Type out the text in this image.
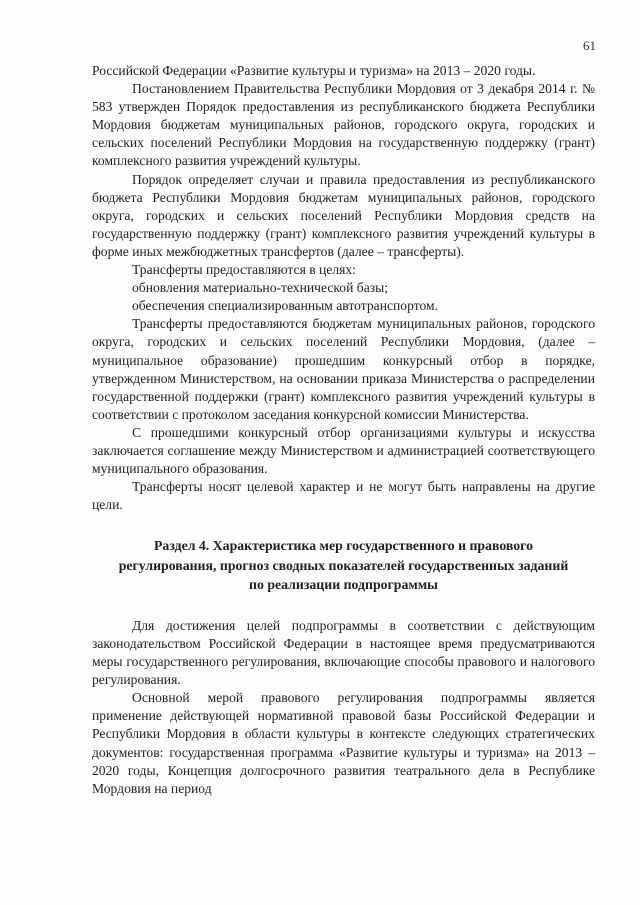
61

Российской Федерации «Развитие культуры и туризма» на 2013 – 2020 годы.

Постановлением Правительства Республики Мордовия от 3 декабря 2014 г. № 583 утвержден Порядок предоставления из республиканского бюджета Республики Мордовия бюджетам муниципальных районов, городского округа, городских и сельских поселений Республики Мордовия на государственную поддержку (грант) комплексного развития учреждений культуры.

Порядок определяет случаи и правила предоставления из республиканского бюджета Республики Мордовия бюджетам муниципальных районов, городского округа, городских и сельских поселений Республики Мордовия средств на государственную поддержку (грант) комплексного развития учреждений культуры в форме иных межбюджетных трансфертов (далее – трансферты).

Трансферты предоставляются в целях:

обновления материально-технической базы;

обеспечения специализированным автотранспортом.

Трансферты предоставляются бюджетам муниципальных районов, городского округа, городских и сельских поселений Республики Мордовия, (далее – муниципальное образование) прошедшим конкурсный отбор в порядке, утвержденном Министерством, на основании приказа Министерства о распределении государственной поддержки (грант) комплексного развития учреждений культуры в соответствии с протоколом заседания конкурсной комиссии Министерства.

С прошедшими конкурсный отбор организациями культуры и искусства заключается соглашение между Министерством и администрацией соответствующего муниципального образования.

Трансферты носят целевой характер и не могут быть направлены на другие цели.

Раздел 4. Характеристика мер государственного и правового
регулирования, прогноз сводных показателей государственных заданий
по реализации подпрограммы

Для достижения целей подпрограммы в соответствии с действующим законодательством Российской Федерации в настоящее время предусматриваются меры государственного регулирования, включающие способы правового и налогового регулирования.

Основной мерой правового регулирования подпрограммы является применение действующей нормативной правовой базы Российской Федерации и Республики Мордовия в области культуры в контексте следующих стратегических документов: государственная программа «Развитие культуры и туризма» на 2013 – 2020 годы, Концепция долгосрочного развития театрального дела в Республике Мордовия на период
